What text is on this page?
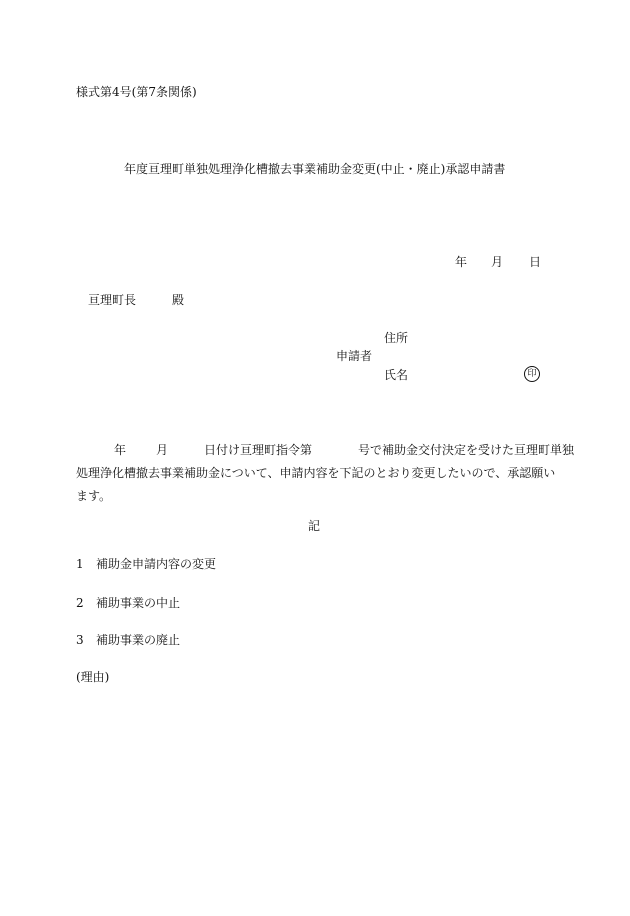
様式第4号(第7条関係)
年度亘理町単独処理浄化槽撤去事業補助金変更(中止・廃止)承認申請書
年 月 日
亘理町長	殿
住所
申請者
氏名	印
年	月	日付け亘理町指令第	号で補助金交付決定を受けた亘理町単独
処理浄化槽撤去事業補助金について、申請内容を下記のとおり変更したいので、承認願い
ます。
記
1 補助金申請内容の変更
2 補助事業の中止
3 補助事業の廃止
(理由)
